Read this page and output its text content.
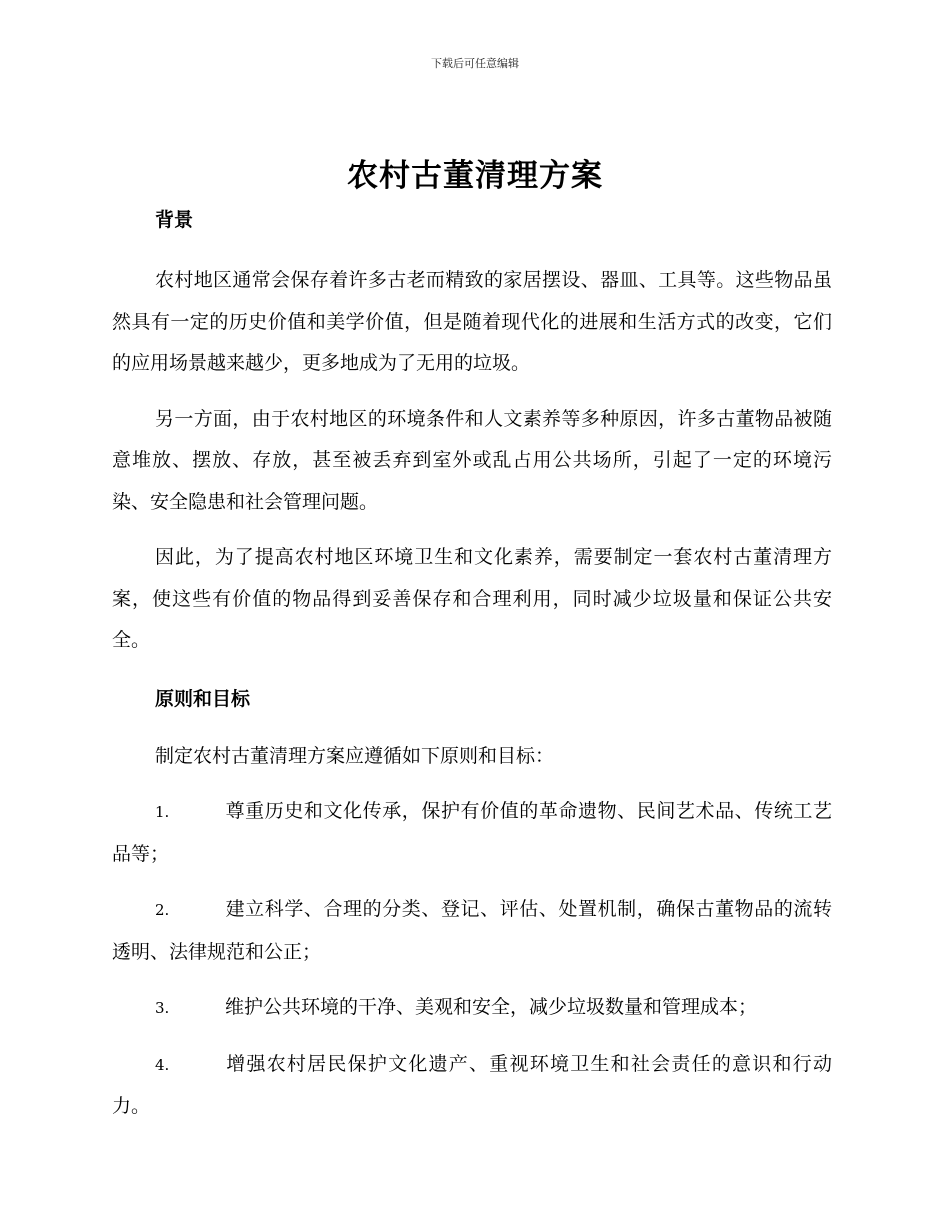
下载后可任意编辑
农村古董清理方案

背景

农村地区通常会保存着许多古老而精致的家居摆设、器皿、工具等。这些物品虽然具有一定的历史价值和美学价值，但是随着现代化的进展和生活方式的改变，它们的应用场景越来越少，更多地成为了无用的垃圾。

另一方面，由于农村地区的环境条件和人文素养等多种原因，许多古董物品被随意堆放、摆放、存放，甚至被丢弃到室外或乱占用公共场所，引起了一定的环境污染、安全隐患和社会管理问题。

因此，为了提高农村地区环境卫生和文化素养，需要制定一套农村古董清理方案，使这些有价值的物品得到妥善保存和合理利用，同时减少垃圾量和保证公共安全。

原则和目标

制定农村古董清理方案应遵循如下原则和目标：

1.	尊重历史和文化传承，保护有价值的革命遗物、民间艺术品、传统工艺品等；

2.	建立科学、合理的分类、登记、评估、处置机制，确保古董物品的流转透明、法律规范和公正；

3.	维护公共环境的干净、美观和安全，减少垃圾数量和管理成本；

4.	增强农村居民保护文化遗产、重视环境卫生和社会责任的意识和行动力。
